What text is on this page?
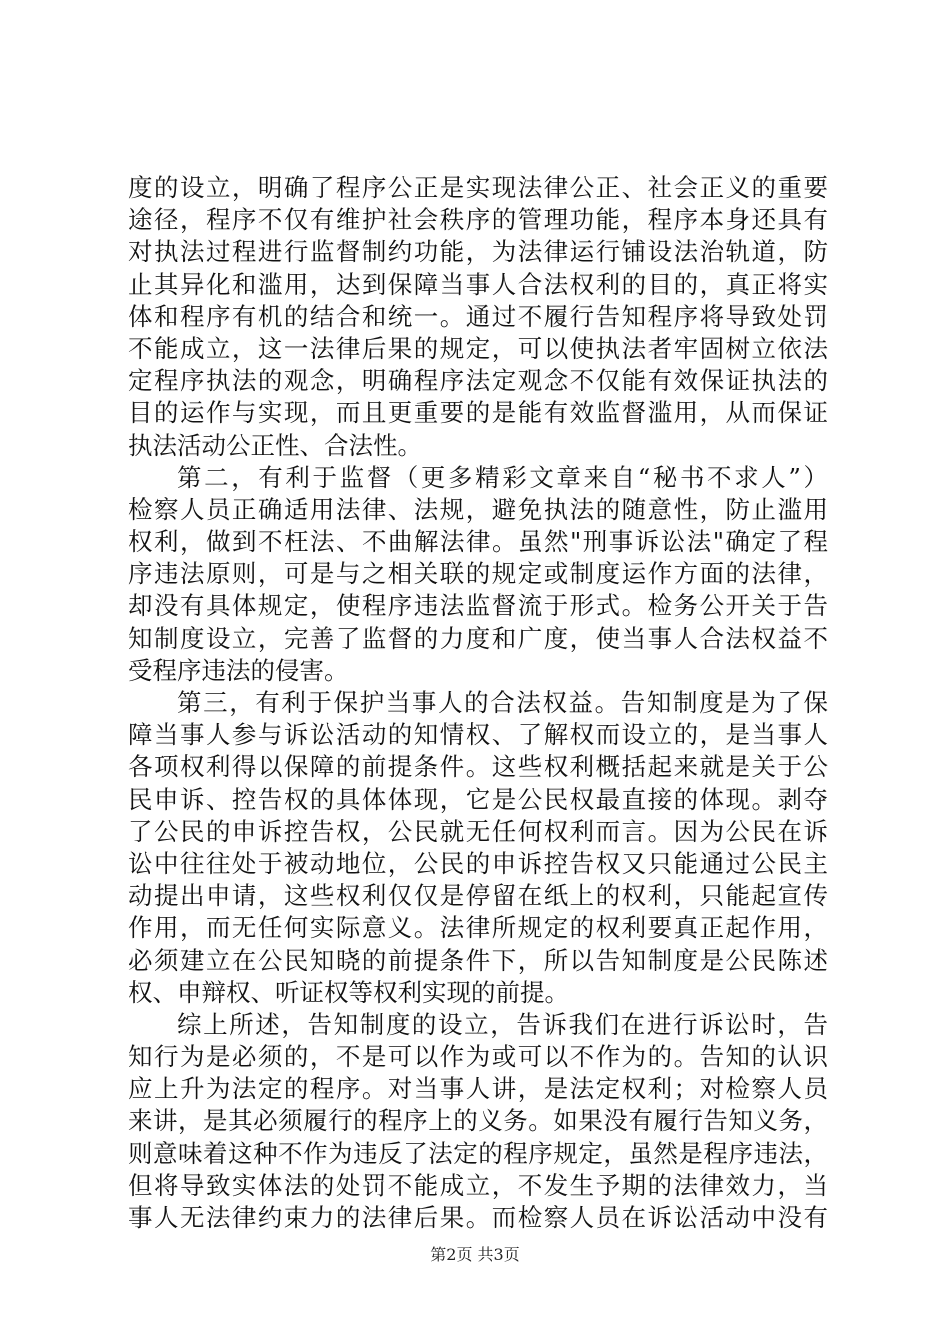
度的设立，明确了程序公正是实现法律公正、社会正义的重要
途径，程序不仅有维护社会秩序的管理功能，程序本身还具有
对执法过程进行监督制约功能，为法律运行铺设法治轨道，防
止其异化和滥用，达到保障当事人合法权利的目的，真正将实
体和程序有机的结合和统一。通过不履行告知程序将导致处罚
不能成立，这一法律后果的规定，可以使执法者牢固树立依法
定程序执法的观念，明确程序法定观念不仅能有效保证执法的
目的运作与实现，而且更重要的是能有效监督滥用，从而保证
执法活动公正性、合法性。
第二，有利于监督（更多精彩文章来自“秘书不求人”）
检察人员正确适用法律、法规，避免执法的随意性，防止滥用
权利，做到不枉法、不曲解法律。虽然"刑事诉讼法"确定了程
序违法原则，可是与之相关联的规定或制度运作方面的法律，
却没有具体规定，使程序违法监督流于形式。检务公开关于告
知制度设立，完善了监督的力度和广度，使当事人合法权益不
受程序违法的侵害。
第三，有利于保护当事人的合法权益。告知制度是为了保
障当事人参与诉讼活动的知情权、了解权而设立的，是当事人
各项权利得以保障的前提条件。这些权利概括起来就是关于公
民申诉、控告权的具体体现，它是公民权最直接的体现。剥夺
了公民的申诉控告权，公民就无任何权利而言。因为公民在诉
讼中往往处于被动地位，公民的申诉控告权又只能通过公民主
动提出申请，这些权利仅仅是停留在纸上的权利，只能起宣传
作用，而无任何实际意义。法律所规定的权利要真正起作用，
必须建立在公民知晓的前提条件下，所以告知制度是公民陈述
权、申辩权、听证权等权利实现的前提。
综上所述，告知制度的设立，告诉我们在进行诉讼时，告
知行为是必须的，不是可以作为或可以不作为的。告知的认识
应上升为法定的程序。对当事人讲，是法定权利；对检察人员
来讲，是其必须履行的程序上的义务。如果没有履行告知义务，
则意味着这种不作为违反了法定的程序规定，虽然是程序违法，
但将导致实体法的处罚不能成立，不发生予期的法律效力，当
事人无法律约束力的法律后果。而检察人员在诉讼活动中没有
第2页 共3页
